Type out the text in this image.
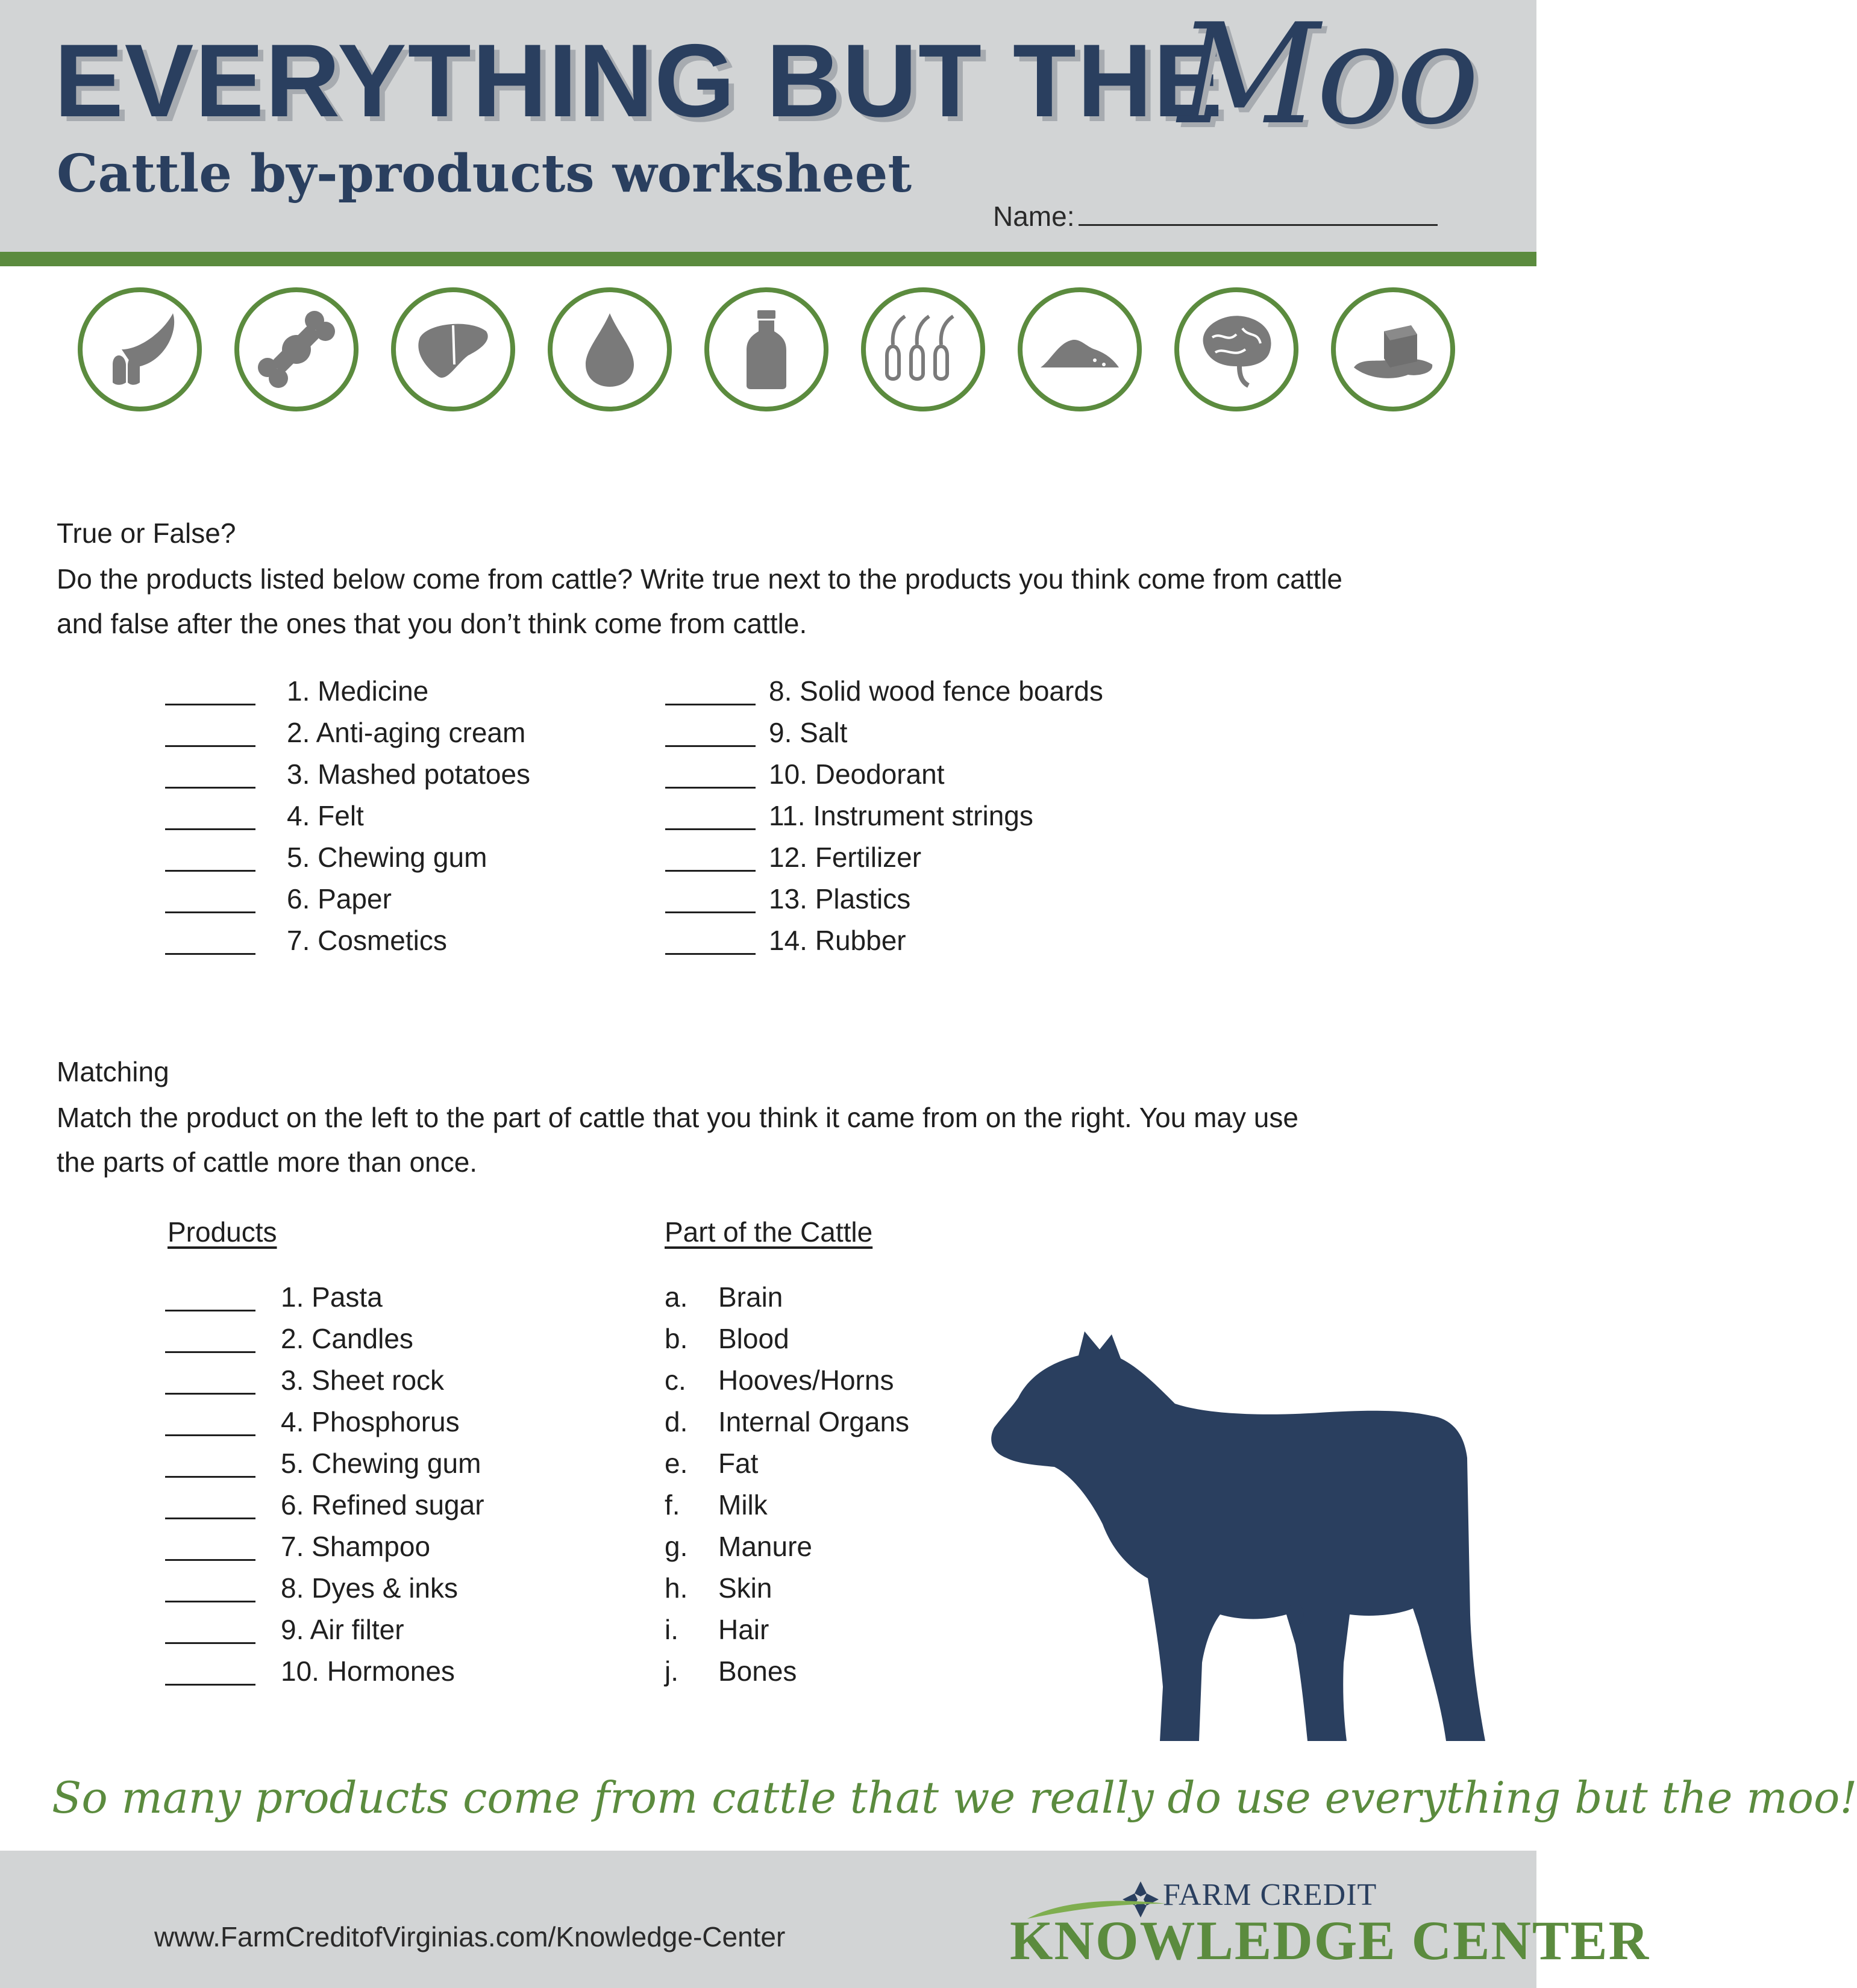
EVERYTHING BUT THE
Moo
Cattle by-products worksheet
Name:
True or False?
Do the products listed below come from cattle? Write true next to the products you think come from cattle
and false after the ones that you don’t think come from cattle.
Matching
Match the product on the left to the part of cattle that you think it came from on the right. You may use
the parts of cattle more than once.
Products	Part of the Cattle
So many products come from cattle that we really do use everything but the moo!
www.FarmCreditofVirginias.com/Knowledge-Center
FARM CREDIT
KNOWLEDGE CENTER
1. Medicine
2. Anti-aging cream
3. Mashed potatoes
4. Felt
5. Chewing gum
6. Paper
7. Cosmetics
8. Solid wood fence boards
9. Salt
10. Deodorant
11. Instrument strings
12. Fertilizer
13. Plastics
14. Rubber
1. Pasta
2. Candles
3. Sheet rock
4. Phosphorus
5. Chewing gum
6. Refined sugar
7. Shampoo
8. Dyes & inks
9. Air filter
10. Hormones
a. Brain
b. Blood
c. Hooves/Horns
d. Internal Organs
e. Fat
f. Milk
g. Manure
h. Skin
i. Hair
j. Bones
